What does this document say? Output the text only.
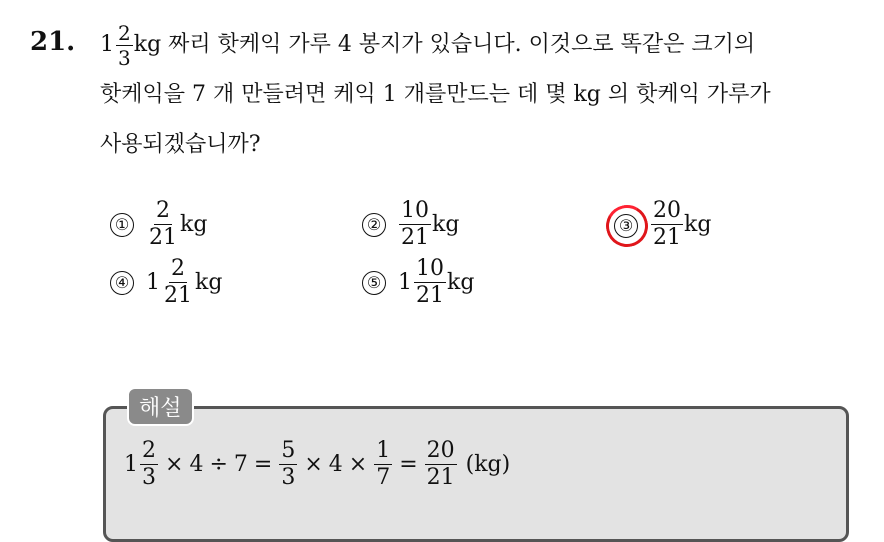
21. $1 \frac{2}{3}$ kg
짜리 핫케익 가루 4 봉지가 있습니다. 이것으로 똑같은 크기의
핫케익을 7 개 만들려면 케익 1 개를만드는 데 몇 kg 의 핫케익 가루가
사용되겠습니까?
① $\frac{2}{21}$ kg	② $\frac{10}{21}$ kg	③ $\frac{20}{21}$ kg
④ $1 \frac{2}{21}$ kg	⑤ $1 \frac{10}{21}$ kg
해설
$1 \frac{2}{3} \times 4 \div 7 = \frac{5}{3} \times 4 \times \frac{1}{7} = \frac{20}{21} (kg)$
